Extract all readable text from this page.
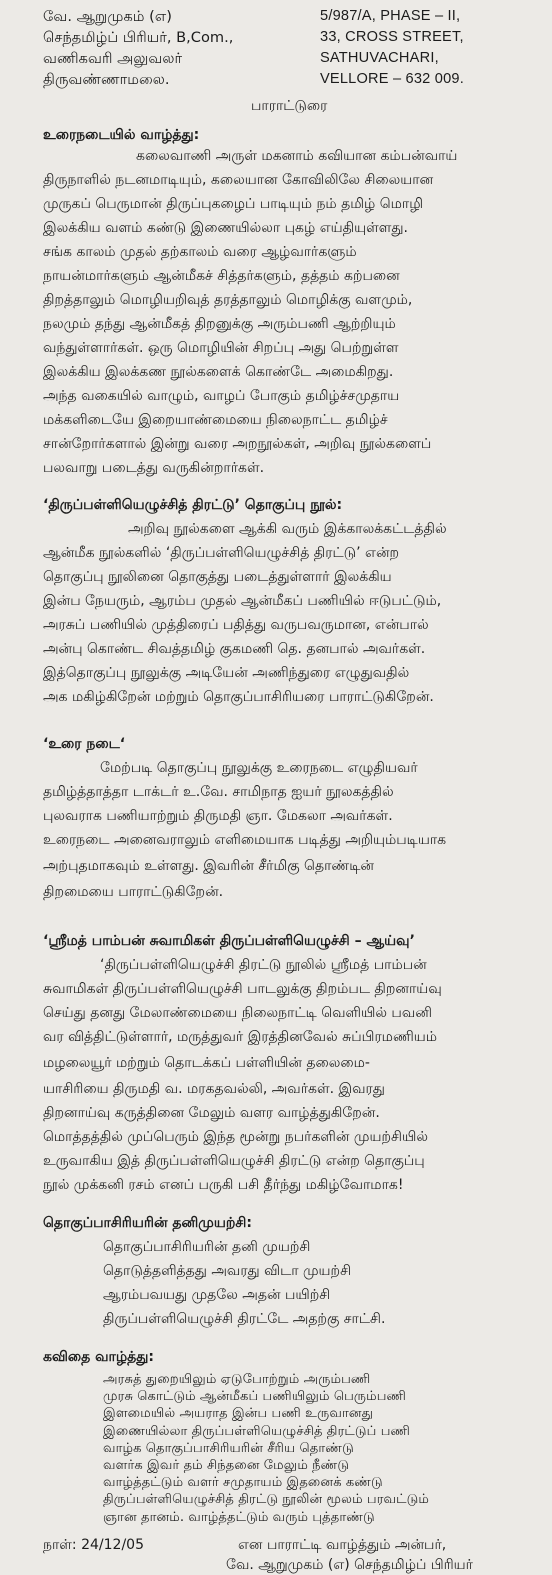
வே. ஆறுமுகம் (எ)
செந்தமிழ்ப் பிரியர், B,Com.,
வணிகவரி அலுவலர்
திருவண்ணாமலை.
5/987/A, PHASE – II,
33, CROSS STREET,
SATHUVACHARI,
VELLORE – 632 009.
பாராட்டுரை
உரைநடையில் வாழ்த்து:
கலைவாணி அருள் மகனாம் கவியான கம்பன்வாய்
திருநாளில் நடனமாடியும், கலையான கோவிலிலே சிலையான
முருகப் பெருமான் திருப்புகழைப் பாடியும் நம் தமிழ் மொழி
இலக்கிய வளம் கண்டு இணையில்லா புகழ் எய்தியுள்ளது.
சங்க காலம் முதல் தற்காலம் வரை ஆழ்வார்களும்
நாயன்மார்களும் ஆன்மீகச் சித்தர்களும், தத்தம் கற்பனை
திறத்தாலும் மொழியறிவுத் தரத்தாலும் மொழிக்கு வளமும்,
நலமும் தந்து ஆன்மீகத் திறனுக்கு அரும்பணி ஆற்றியும்
வந்துள்ளார்கள். ஒரு மொழியின் சிறப்பு அது பெற்றுள்ள
இலக்கிய இலக்கண நூல்களைக் கொண்டே அமைகிறது.
அந்த வகையில் வாழும், வாழப் போகும் தமிழ்ச்சமுதாய
மக்களிடையே இறையாண்மையை நிலைநாட்ட தமிழ்ச்
சான்றோர்களால் இன்று வரை அறநூல்கள், அறிவு நூல்களைப்
பலவாறு படைத்து வருகின்றார்கள்.
‘திருப்பள்ளியெழுச்சித் திரட்டு’ தொகுப்பு நூல்:
அறிவு நூல்களை ஆக்கி வரும் இக்காலக்கட்டத்தில்
ஆன்மீக நூல்களில் ‘திருப்பள்ளியெழுச்சித் திரட்டு’ என்ற
தொகுப்பு நூலினை தொகுத்து படைத்துள்ளார் இலக்கிய
இன்ப நேயரும், ஆரம்ப முதல் ஆன்மீகப் பணியில் ஈடுபட்டும்,
அரசுப் பணியில் முத்திரைப் பதித்து வருபவருமான, என்பால்
அன்பு கொண்ட சிவத்தமிழ் குகமணி தெ. தனபால் அவர்கள்.
இத்தொகுப்பு நூலுக்கு அடியேன் அணிந்துரை எழுதுவதில்
அக மகிழ்கிறேன் மற்றும் தொகுப்பாசிரியரை பாராட்டுகிறேன்.
‘உரை நடை‘
மேற்படி தொகுப்பு நூலுக்கு உரைநடை எழுதியவர்
தமிழ்த்தாத்தா டாக்டர் உ.வே. சாமிநாத ஐயர் நூலகத்தில்
புலவராக பணியாற்றும் திருமதி ஞா. மேகலா அவர்கள்.
உரைநடை அனைவராலும் எளிமையாக படித்து அறியும்படியாக
அற்புதமாகவும் உள்ளது. இவரின் சீர்மிகு தொண்டின்
திறமையை பாராட்டுகிறேன்.
‘ஸ்ரீமத் பாம்பன் சுவாமிகள் திருப்பள்ளியெழுச்சி – ஆய்வு’
‘திருப்பள்ளியெழுச்சி திரட்டு நூலில் ஸ்ரீமத் பாம்பன்
சுவாமிகள் திருப்பள்ளியெழுச்சி பாடலுக்கு திறம்பட திறனாய்வு
செய்து தனது மேலாண்மையை நிலைநாட்டி வெளியில் பவனி
வர வித்திட்டுள்ளார், மருத்துவர் இரத்தினவேல் சுப்பிரமணியம்
மழலையூர் மற்றும் தொடக்கப் பள்ளியின் தலைமை-
யாசிரியை திருமதி வ. மரகதவல்லி, அவர்கள். இவரது
திறனாய்வு கருத்தினை மேலும் வளர வாழ்த்துகிறேன்.
மொத்தத்தில் முப்பெரும் இந்த மூன்று நபர்களின் முயற்சியில்
உருவாகிய இத் திருப்பள்ளியெழுச்சி திரட்டு என்ற தொகுப்பு
நூல் முக்கனி ரசம் எனப் பருகி பசி தீர்ந்து மகிழ்வோமாக!
தொகுப்பாசிரியரின் தனிமுயற்சி:
தொகுப்பாசிரியரின் தனி முயற்சி
தொடுத்தளித்தது அவரது விடா முயற்சி
ஆரம்பவயது முதலே அதன் பயிற்சி
திருப்பள்ளியெழுச்சி திரட்டே அதற்கு சாட்சி.
கவிதை வாழ்த்து:
அரசுத் துறையிலும் ஏடுபோற்றும் அரும்பணி
முரசு கொட்டும் ஆன்மீகப் பணியிலும் பெரும்பணி
இளமையில் அயராத இன்ப பணி உருவானது
இணையில்லா திருப்பள்ளியெழுச்சித் திரட்டுப் பணி
வாழ்க தொகுப்பாசிரியரின் சீரிய தொண்டு
வளர்க இவர் தம் சிந்தனை மேலும் நீண்டு
வாழ்த்தட்டும் வளர் சமுதாயம் இதனைக் கண்டு
திருப்பள்ளியெழுச்சித் திரட்டு நூலின் மூலம் பரவட்டும்
நாள்: 24/12/05	என பாராட்டி வாழ்த்தும் அன்பர்,
வே. ஆறுமுகம் (எ) செந்தமிழ்ப் பிரியர்
ஞான தானம். வாழ்த்தட்டும் வரும் புத்தாண்டு
